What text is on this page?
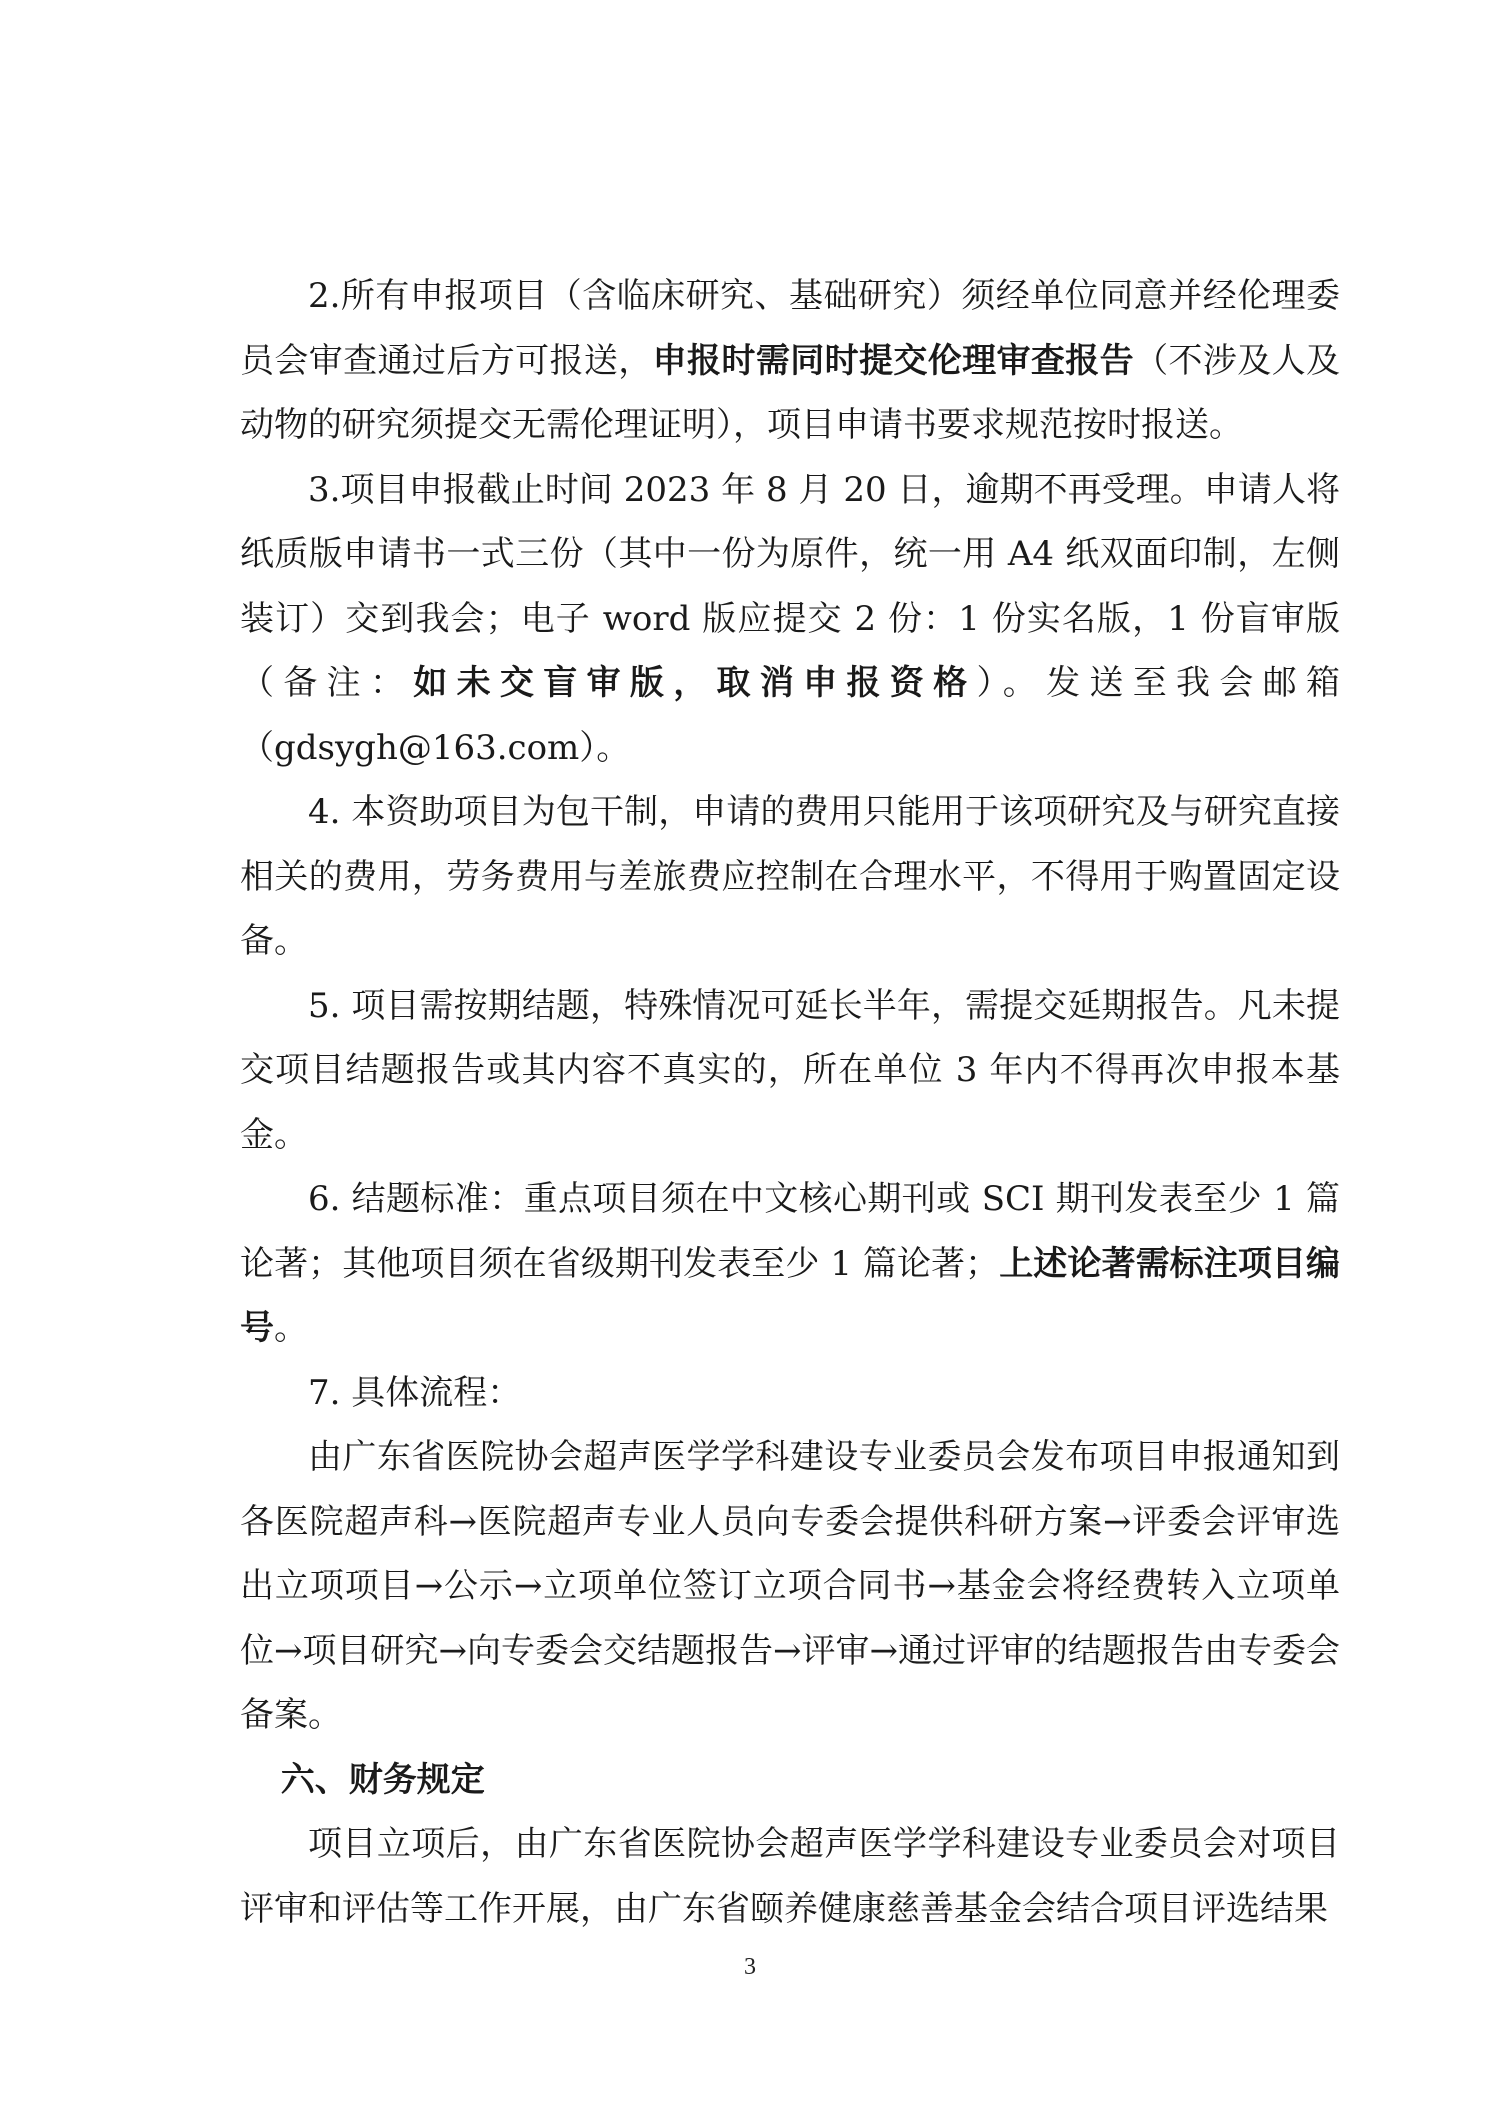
2.所有申报项目（含临床研究、基础研究）须经单位同意并经伦理委员会审查通过后方可报送，申报时需同时提交伦理审查报告（不涉及人及动物的研究须提交无需伦理证明），项目申请书要求规范按时报送。

3.项目申报截止时间 2023 年 8 月 20 日，逾期不再受理。申请人将纸质版申请书一式三份（其中一份为原件，统一用 A4 纸双面印制，左侧装订）交到我会；电子 word 版应提交 2 份：1 份实名版，1 份盲审版（备注：如未交盲审版，取消申报资格）。发送至我会邮箱（gdsygh@163.com）。

4. 本资助项目为包干制，申请的费用只能用于该项研究及与研究直接相关的费用，劳务费用与差旅费应控制在合理水平，不得用于购置固定设备。

5. 项目需按期结题，特殊情况可延长半年，需提交延期报告。凡未提交项目结题报告或其内容不真实的，所在单位 3 年内不得再次申报本基金。

6. 结题标准：重点项目须在中文核心期刊或 SCI 期刊发表至少 1 篇论著；其他项目须在省级期刊发表至少 1 篇论著；上述论著需标注项目编号。

7. 具体流程：

由广东省医院协会超声医学学科建设专业委员会发布项目申报通知到各医院超声科→医院超声专业人员向专委会提供科研方案→评委会评审选出立项项目→公示→立项单位签订立项合同书→基金会将经费转入立项单位→项目研究→向专委会交结题报告→评审→通过评审的结题报告由专委会备案。

六、财务规定

项目立项后，由广东省医院协会超声医学学科建设专业委员会对项目评审和评估等工作开展，由广东省颐养健康慈善基金会结合项目评选结果

3
